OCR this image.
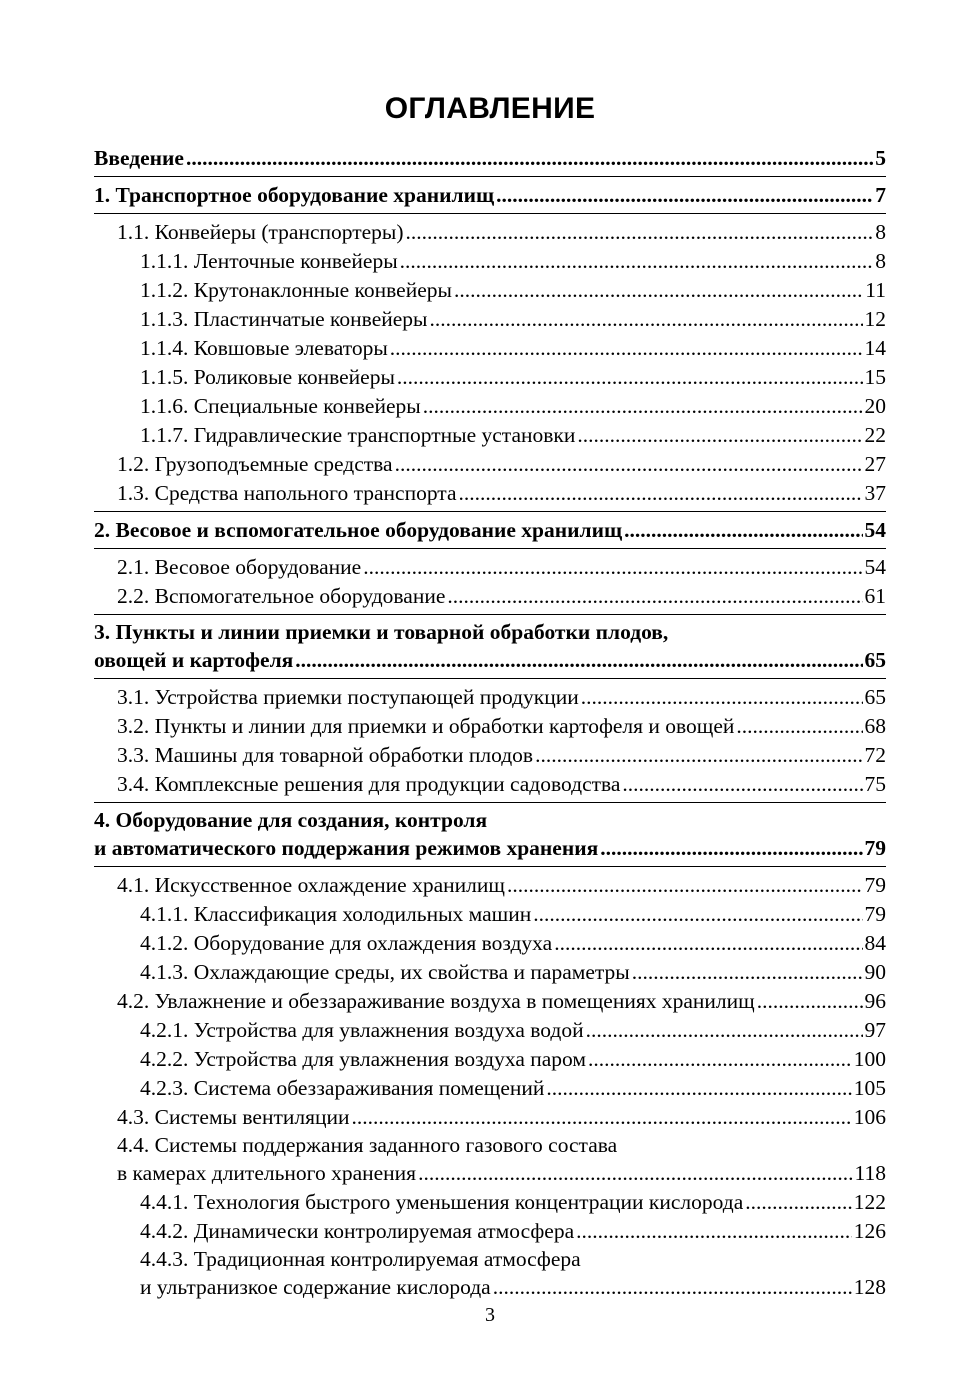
ОГЛАВЛЕНИЕ
Введение .....	5
1. Транспортное оборудование хранилищ .....	7
1.1. Конвейеры (транспортеры) .....	8
1.1.1. Ленточные конвейеры .....	8
1.1.2. Крутонаклонные конвейеры .....	11
1.1.3. Пластинчатые конвейеры .....	12
1.1.4. Ковшовые элеваторы .....	14
1.1.5. Роликовые конвейеры .....	15
1.1.6. Специальные конвейеры .....	20
1.1.7. Гидравлические транспортные установки .....	22
1.2. Грузоподъемные средства .....	27
1.3. Средства напольного транспорта .....	37
2. Весовое и вспомогательное оборудование хранилищ .....	54
2.1. Весовое оборудование .....	54
2.2. Вспомогательное оборудование .....	61
3. Пункты и линии приемки и товарной обработки плодов,
овощей и картофеля .....	65
3.1. Устройства приемки поступающей продукции .....	65
3.2. Пункты и линии для приемки и обработки картофеля и овощей .....	68
3.3. Машины для товарной обработки плодов .....	72
3.4. Комплексные решения для продукции садоводства .....	75
4. Оборудование для создания, контроля
и автоматического поддержания режимов хранения .....	79
4.1. Искусственное охлаждение хранилищ .....	79
4.1.1. Классификация холодильных машин .....	79
4.1.2. Оборудование для охлаждения воздуха .....	84
4.1.3. Охлаждающие среды, их свойства и параметры .....	90
4.2. Увлажнение и обеззараживание воздуха в помещениях хранилищ .....	96
4.2.1. Устройства для увлажнения воздуха водой .....	97
4.2.2. Устройства для увлажнения воздуха паром .....	100
4.2.3. Система обеззараживания помещений .....	105
4.3. Системы вентиляции .....	106
4.4. Системы поддержания заданного газового состава
в камерах длительного хранения .....	118
4.4.1. Технология быстрого уменьшения концентрации кислорода .....	122
4.4.2. Динамически контролируемая атмосфера .....	126
4.4.3. Традиционная контролируемая атмосфера
и ультранизкое содержание кислорода .....	128
3
